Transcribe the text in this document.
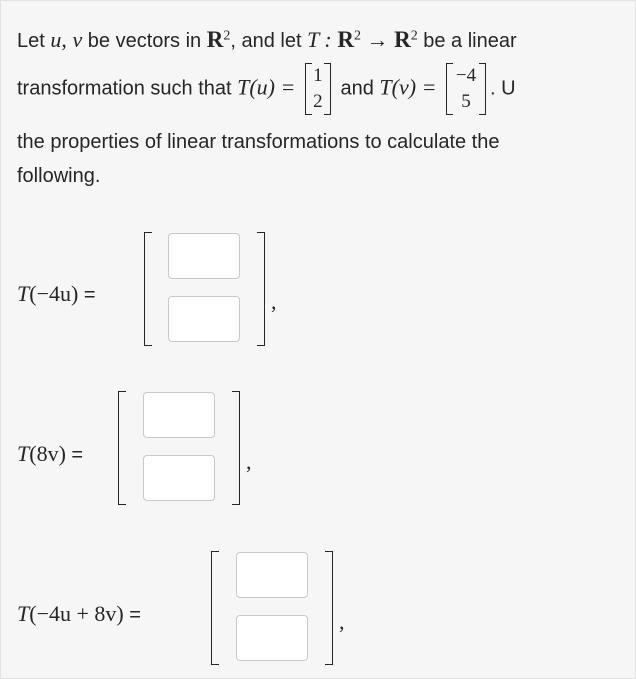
Let u, v be vectors in $R^2$, and let T : $R^2 \to R^2$ be a linear
transformation such that T(u) = 1
2
and T(v) =	−4
5
. U
the properties of linear transformations to calculate the
following.
T(−4u) =	,
T(8v) =	,
T(−4u + 8v) =	,
